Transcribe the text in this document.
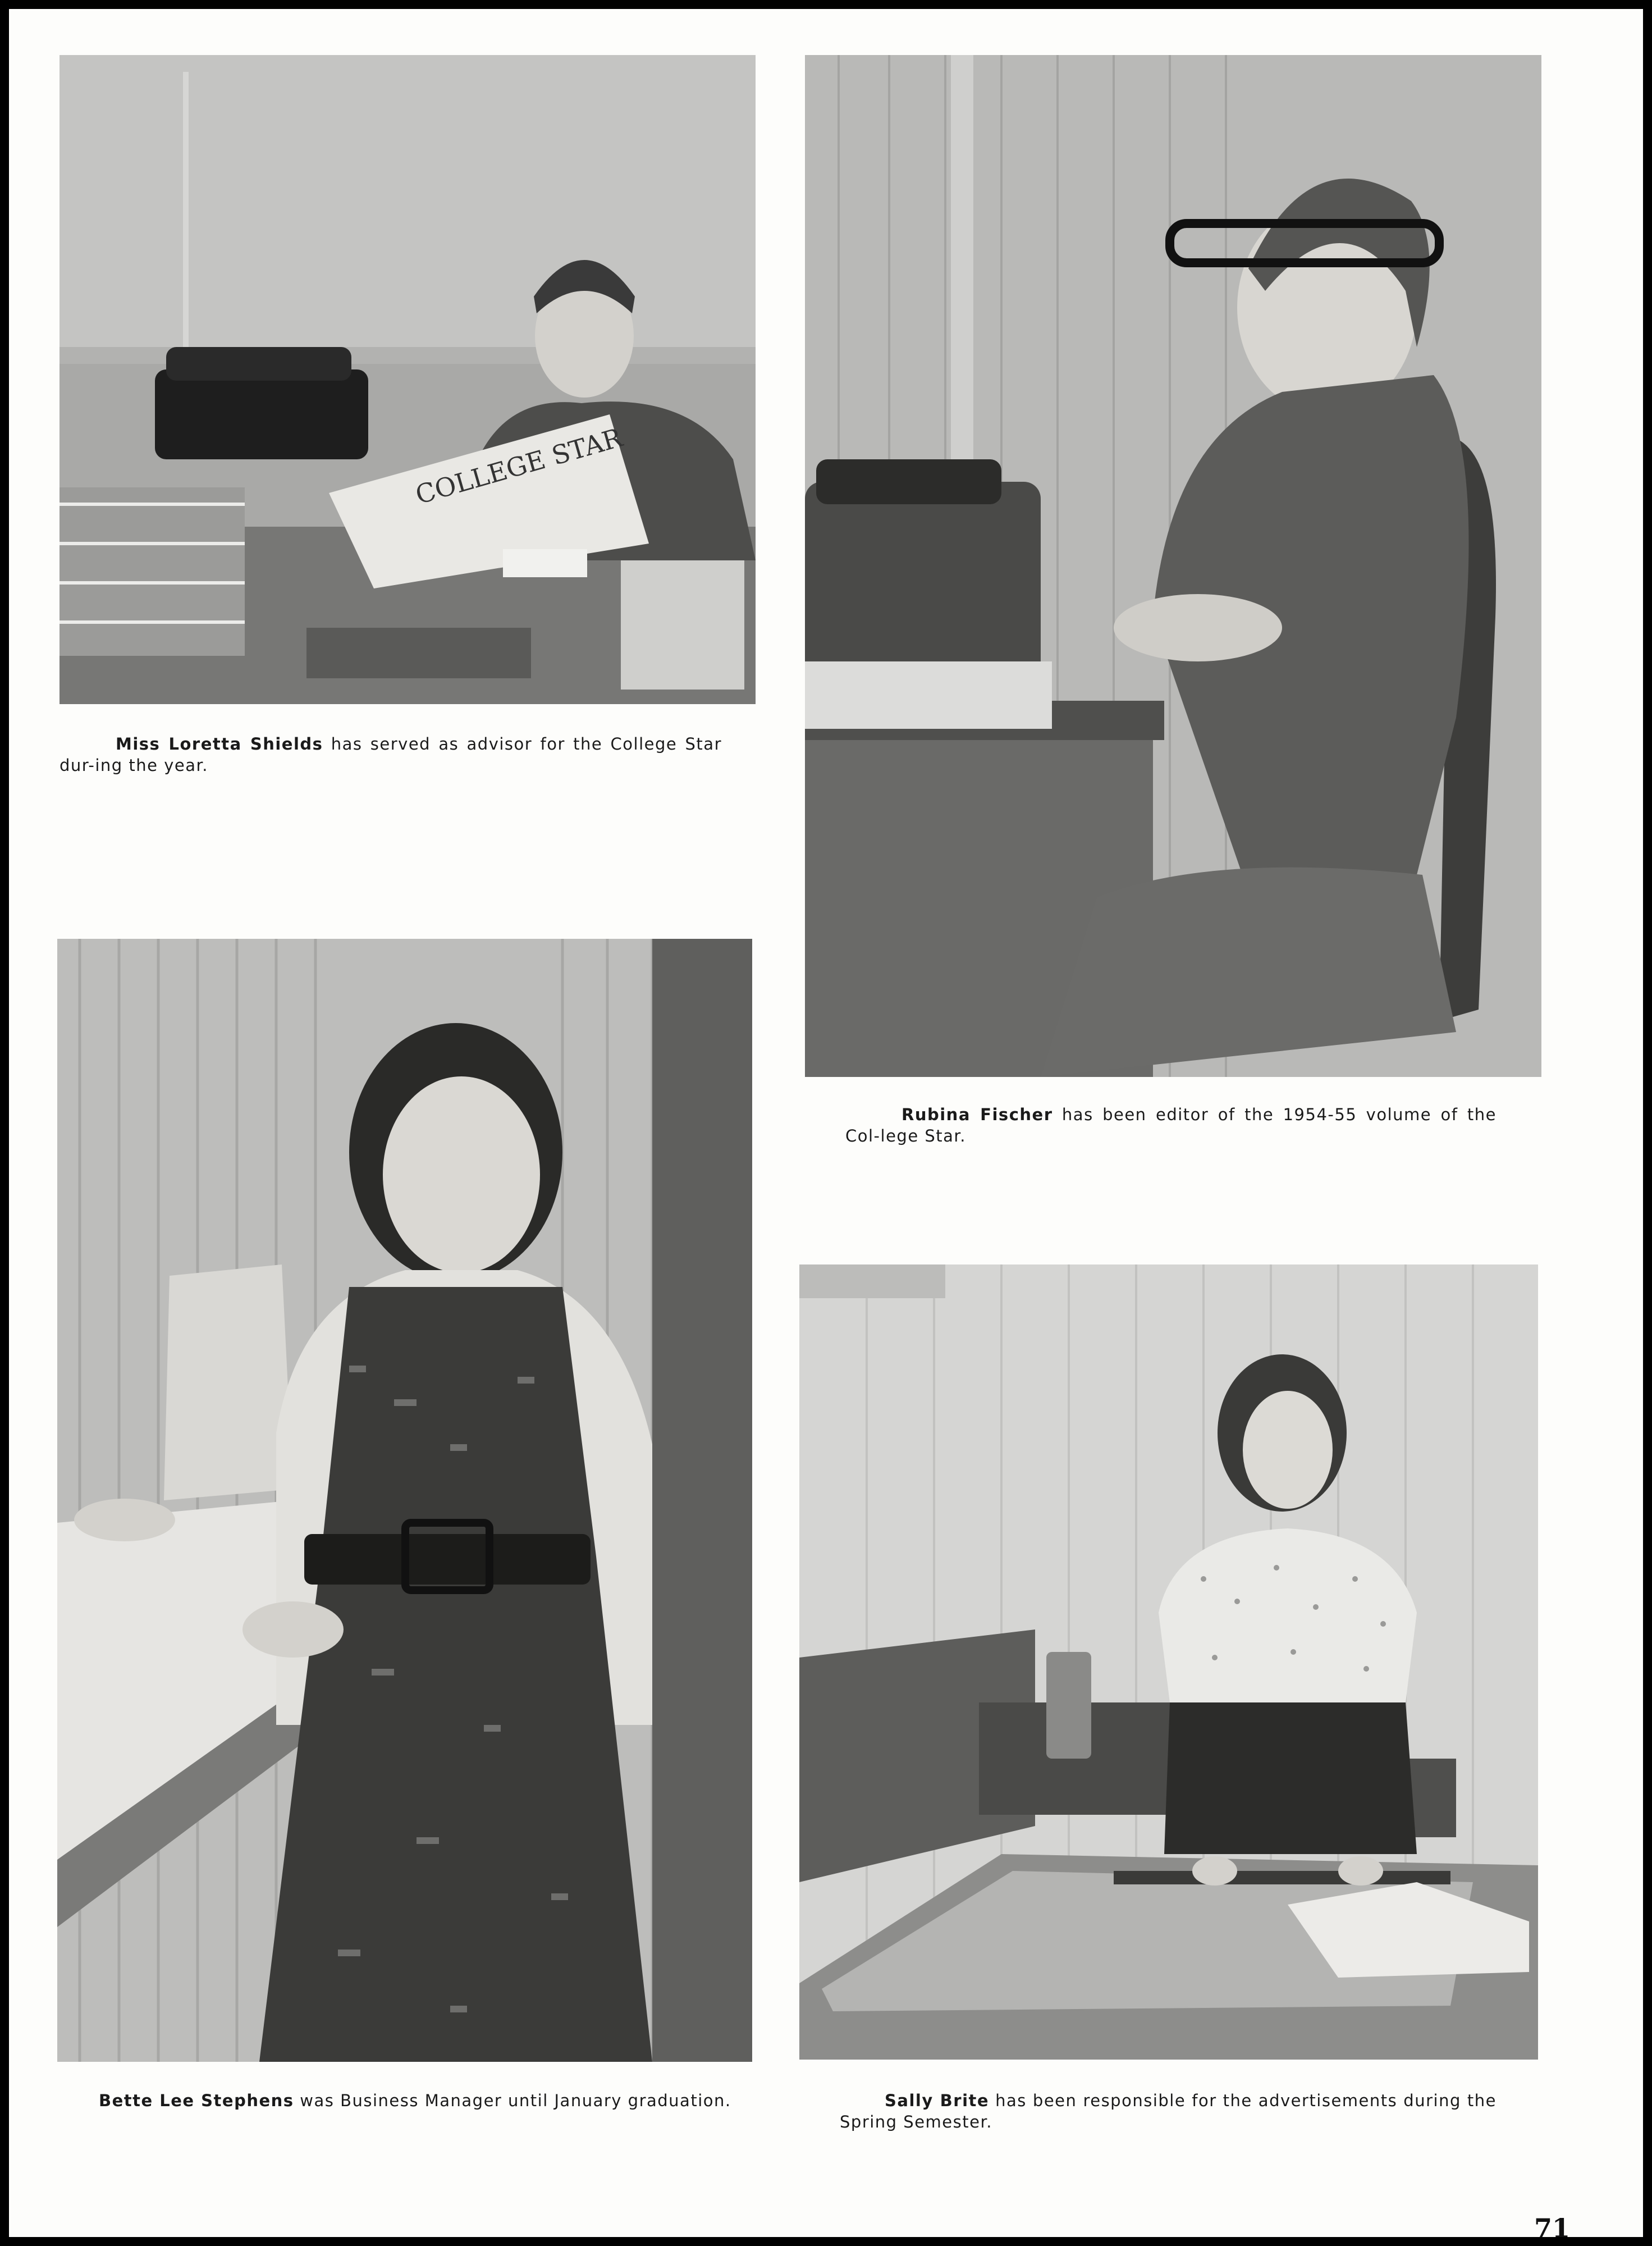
COLLEGE STAR
Miss Loretta Shields has served as advisor for the College Star dur-ing the year.
Rubina Fischer has been editor of the 1954-55 volume of the Col-lege Star.
Bette Lee Stephens was Business Manager until January graduation.	Sally Brite has been responsible for the advertisements during the Spring Semester.
71
